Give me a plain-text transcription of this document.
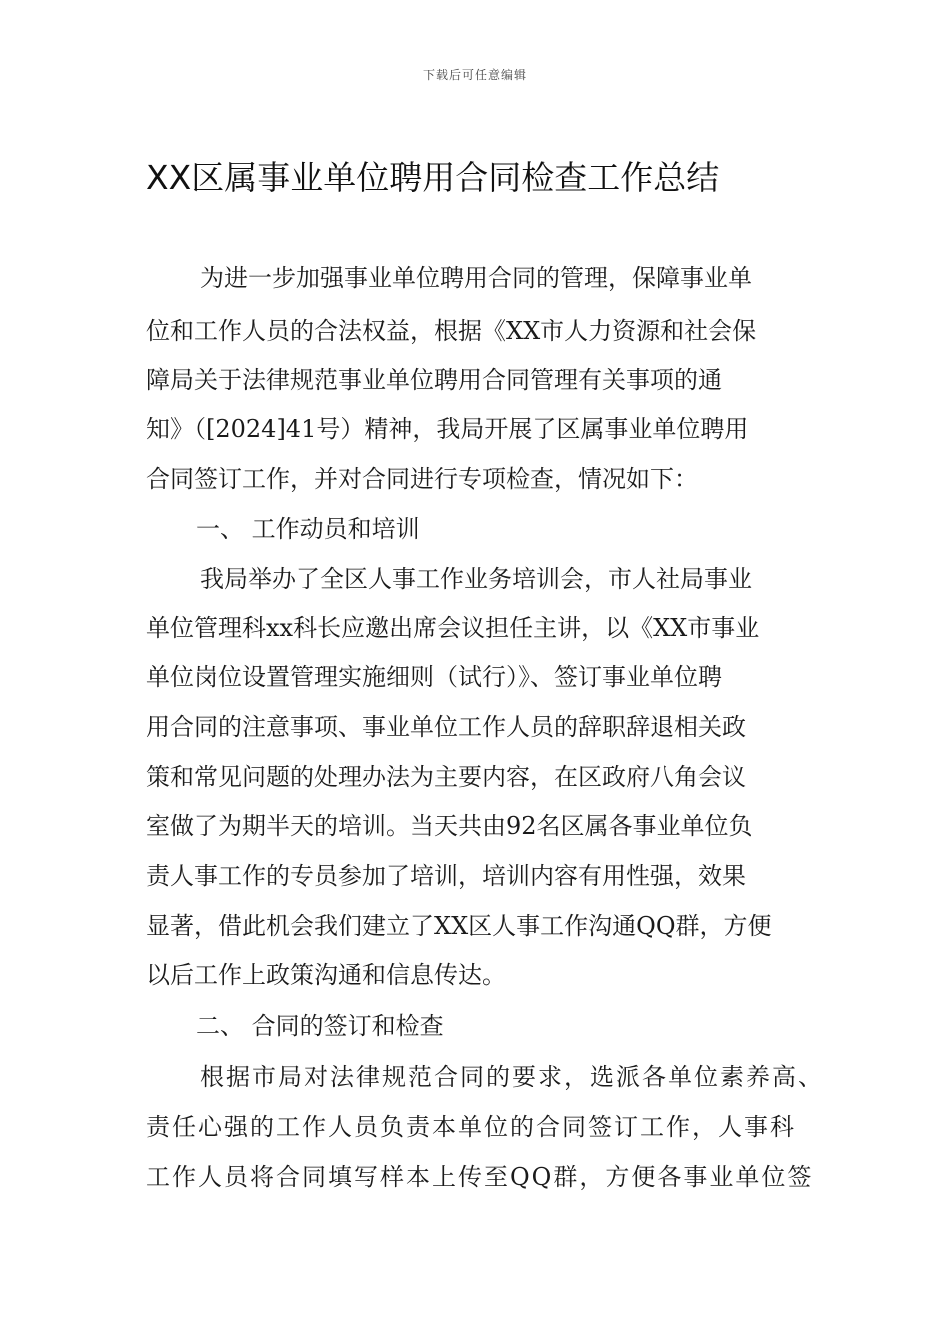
下载后可任意编辑
XX区属事业单位聘用合同检查工作总结
为进一步加强事业单位聘用合同的管理，保障事业单
位和工作人员的合法权益，根据《XX市人力资源和社会保
障局关于法律规范事业单位聘用合同管理有关事项的通
知》（[2024]41号）精神，我局开展了区属事业单位聘用
合同签订工作，并对合同进行专项检查，情况如下：
一、 工作动员和培训
我局举办了全区人事工作业务培训会，市人社局事业
单位管理科xx科长应邀出席会议担任主讲，以《XX市事业
单位岗位设置管理实施细则（试行）》、签订事业单位聘
用合同的注意事项、事业单位工作人员的辞职辞退相关政
策和常见问题的处理办法为主要内容，在区政府八角会议
室做了为期半天的培训。当天共由92名区属各事业单位负
责人事工作的专员参加了培训，培训内容有用性强，效果
显著，借此机会我们建立了XX区人事工作沟通QQ群，方便
以后工作上政策沟通和信息传达。
二、 合同的签订和检查
根据市局对法律规范合同的要求，选派各单位素养高、
责任心强的工作人员负责本单位的合同签订工作，人事科
工作人员将合同填写样本上传至QQ群，方便各事业单位签
